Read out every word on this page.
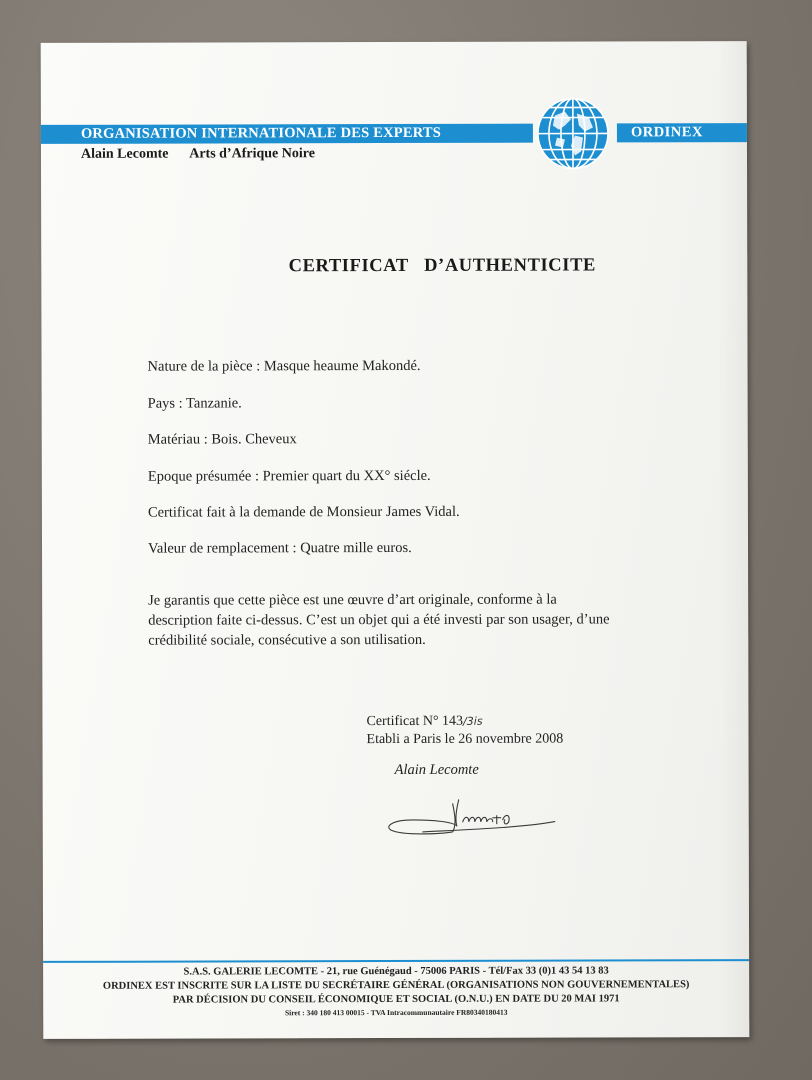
ORGANISATION INTERNATIONALE DES EXPERTS	ORDINEX
Alain Lecomte Arts d’Afrique Noire
CERTIFICAT   D’AUTHENTICITE
Nature de la pièce : Masque heaume Makondé.
Pays : Tanzanie.
Matériau : Bois. Cheveux
Epoque présumée : Premier quart du XX° siécle.
Certificat fait à la demande de Monsieur James Vidal.
Valeur de remplacement : Quatre mille euros.
Je garantis que cette pièce est une œuvre d’art originale, conforme à la
description faite ci-dessus. C’est un objet qui a été investi par son usager, d’une
crédibilité sociale, consécutive a son utilisation.
Certificat N° 143/3is
Etabli a Paris le 26 novembre 2008
Alain Lecomte
S.A.S. GALERIE LECOMTE - 21, rue Guénégaud - 75006 PARIS - Tél/Fax 33 (0)1 43 54 13 83
ORDINEX EST INSCRITE SUR LA LISTE DU SECRÉTAIRE GÉNÉRAL (ORGANISATIONS NON GOUVERNEMENTALES)
PAR DÉCISION DU CONSEIL ÉCONOMIQUE ET SOCIAL (O.N.U.) EN DATE DU 20 MAI 1971
Siret : 340 180 413 00015 - TVA Intracommunautaire FR80340180413
